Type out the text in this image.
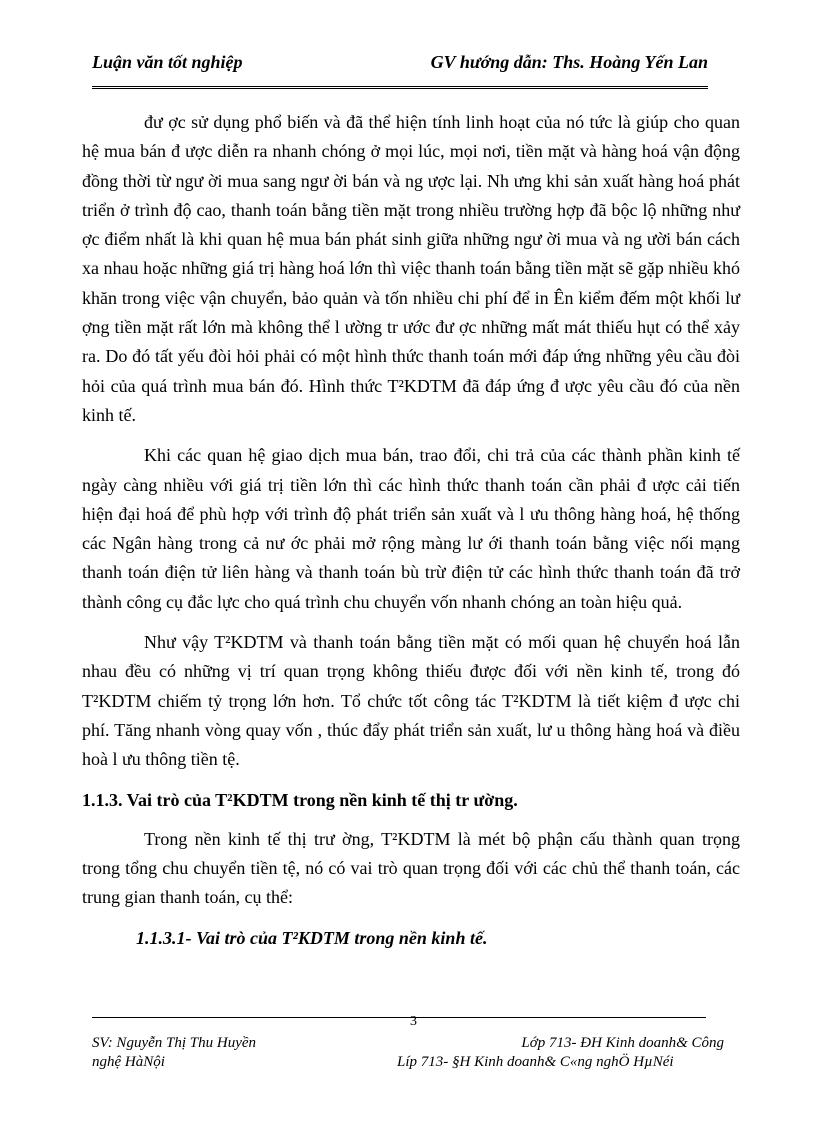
Luận văn tốt nghiệp	GV hướng dẫn: Ths. Hoàng Yến Lan

đư ợc sử dụng phổ biến và đã thể hiện tính linh hoạt của nó tức là giúp cho quan hệ mua bán đ ược diễn ra nhanh chóng ở mọi lúc, mọi nơi, tiền mặt và hàng hoá vận động đồng thời từ ngư ời mua sang ngư ời bán và ng ược lại. Nh ưng khi sản xuất hàng hoá phát triển ở trình độ cao, thanh toán bằng tiền mặt trong nhiều trường hợp đã bộc lộ những như ợc điểm nhất là khi quan hệ mua bán phát sinh giữa những ngư ời mua và ng ười bán cách xa nhau hoặc những giá trị hàng hoá lớn thì việc thanh toán bằng tiền mặt sẽ gặp nhiều khó khăn trong việc vận chuyển, bảo quản và tốn nhiều chi phí để in Ên kiểm đếm một khối lư ợng tiền mặt rất lớn mà không thể l ường tr ước đư ợc những mất mát thiếu hụt có thể xảy ra. Do đó tất yếu đòi hỏi phải có một hình thức thanh toán mới đáp ứng những yêu cầu đòi hỏi của quá trình mua bán đó. Hình thức T²KDTM đã đáp ứng đ ược yêu cầu đó của nền kinh tế.

Khi các quan hệ giao dịch mua bán, trao đổi, chi trả của các thành phần kinh tế ngày càng nhiều với giá trị tiền lớn thì các hình thức thanh toán cần phải đ ược cải tiến hiện đại hoá để phù hợp với trình độ phát triển sản xuất và l ưu thông hàng hoá, hệ thống các Ngân hàng trong cả nư ớc phải mở rộng màng lư ới thanh toán bằng việc nối mạng thanh toán điện tử liên hàng và thanh toán bù trừ điện tử các hình thức thanh toán đã trở thành công cụ đắc lực cho quá trình chu chuyển vốn nhanh chóng an toàn hiệu quả.

Như vậy T²KDTM và thanh toán bằng tiền mặt có mối quan hệ chuyển hoá lẫn nhau đều có những vị trí quan trọng không thiếu được đối với nền kinh tế, trong đó T²KDTM chiếm tỷ trọng lớn hơn. Tổ chức tốt công tác T²KDTM là tiết kiệm đ ược chi phí. Tăng nhanh vòng quay vốn , thúc đẩy phát triển sản xuất, lư u thông hàng hoá và điều hoà l ưu thông tiền tệ.

1.1.3. Vai trò của T²KDTM trong nền kinh tế thị tr ường.

Trong nền kinh tế thị trư ờng, T²KDTM là mét bộ phận cấu thành quan trọng trong tổng chu chuyển tiền tệ, nó có vai trò quan trọng đối với các chủ thể thanh toán, các trung gian thanh toán, cụ thể:

1.1.3.1- Vai trò của T²KDTM trong nền kinh tế.
3
SV: Nguyễn Thị Thu Huyền	Lớp 713- ĐH Kinh doanh& Công
nghệ HàNội	Líp 713- §H Kinh doanh& C«ng nghÖ HµNéi
